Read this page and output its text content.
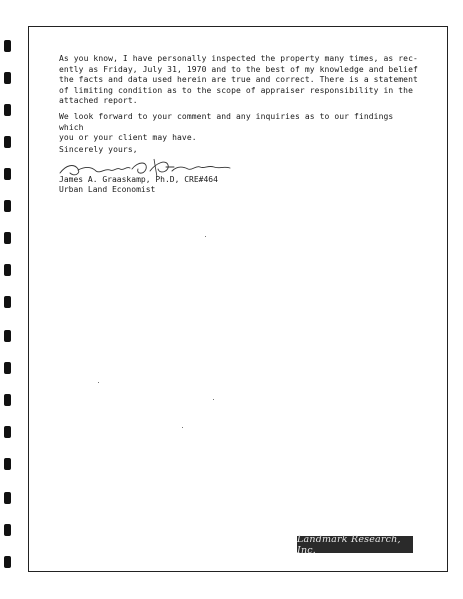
As you know, I have personally inspected the property many times, as rec-
ently as Friday, July 31, 1970 and to the best of my knowledge and belief
the facts and data used herein are true and correct. There is a statement
of limiting condition as to the scope of appraiser responsibility in the
attached report.

We look forward to your comment and any inquiries as to our findings which
you or your client may have.

Sincerely yours,

James A. Graaskamp, Ph.D, CRE#464
Urban Land Economist
Landmark Research, Inc.
